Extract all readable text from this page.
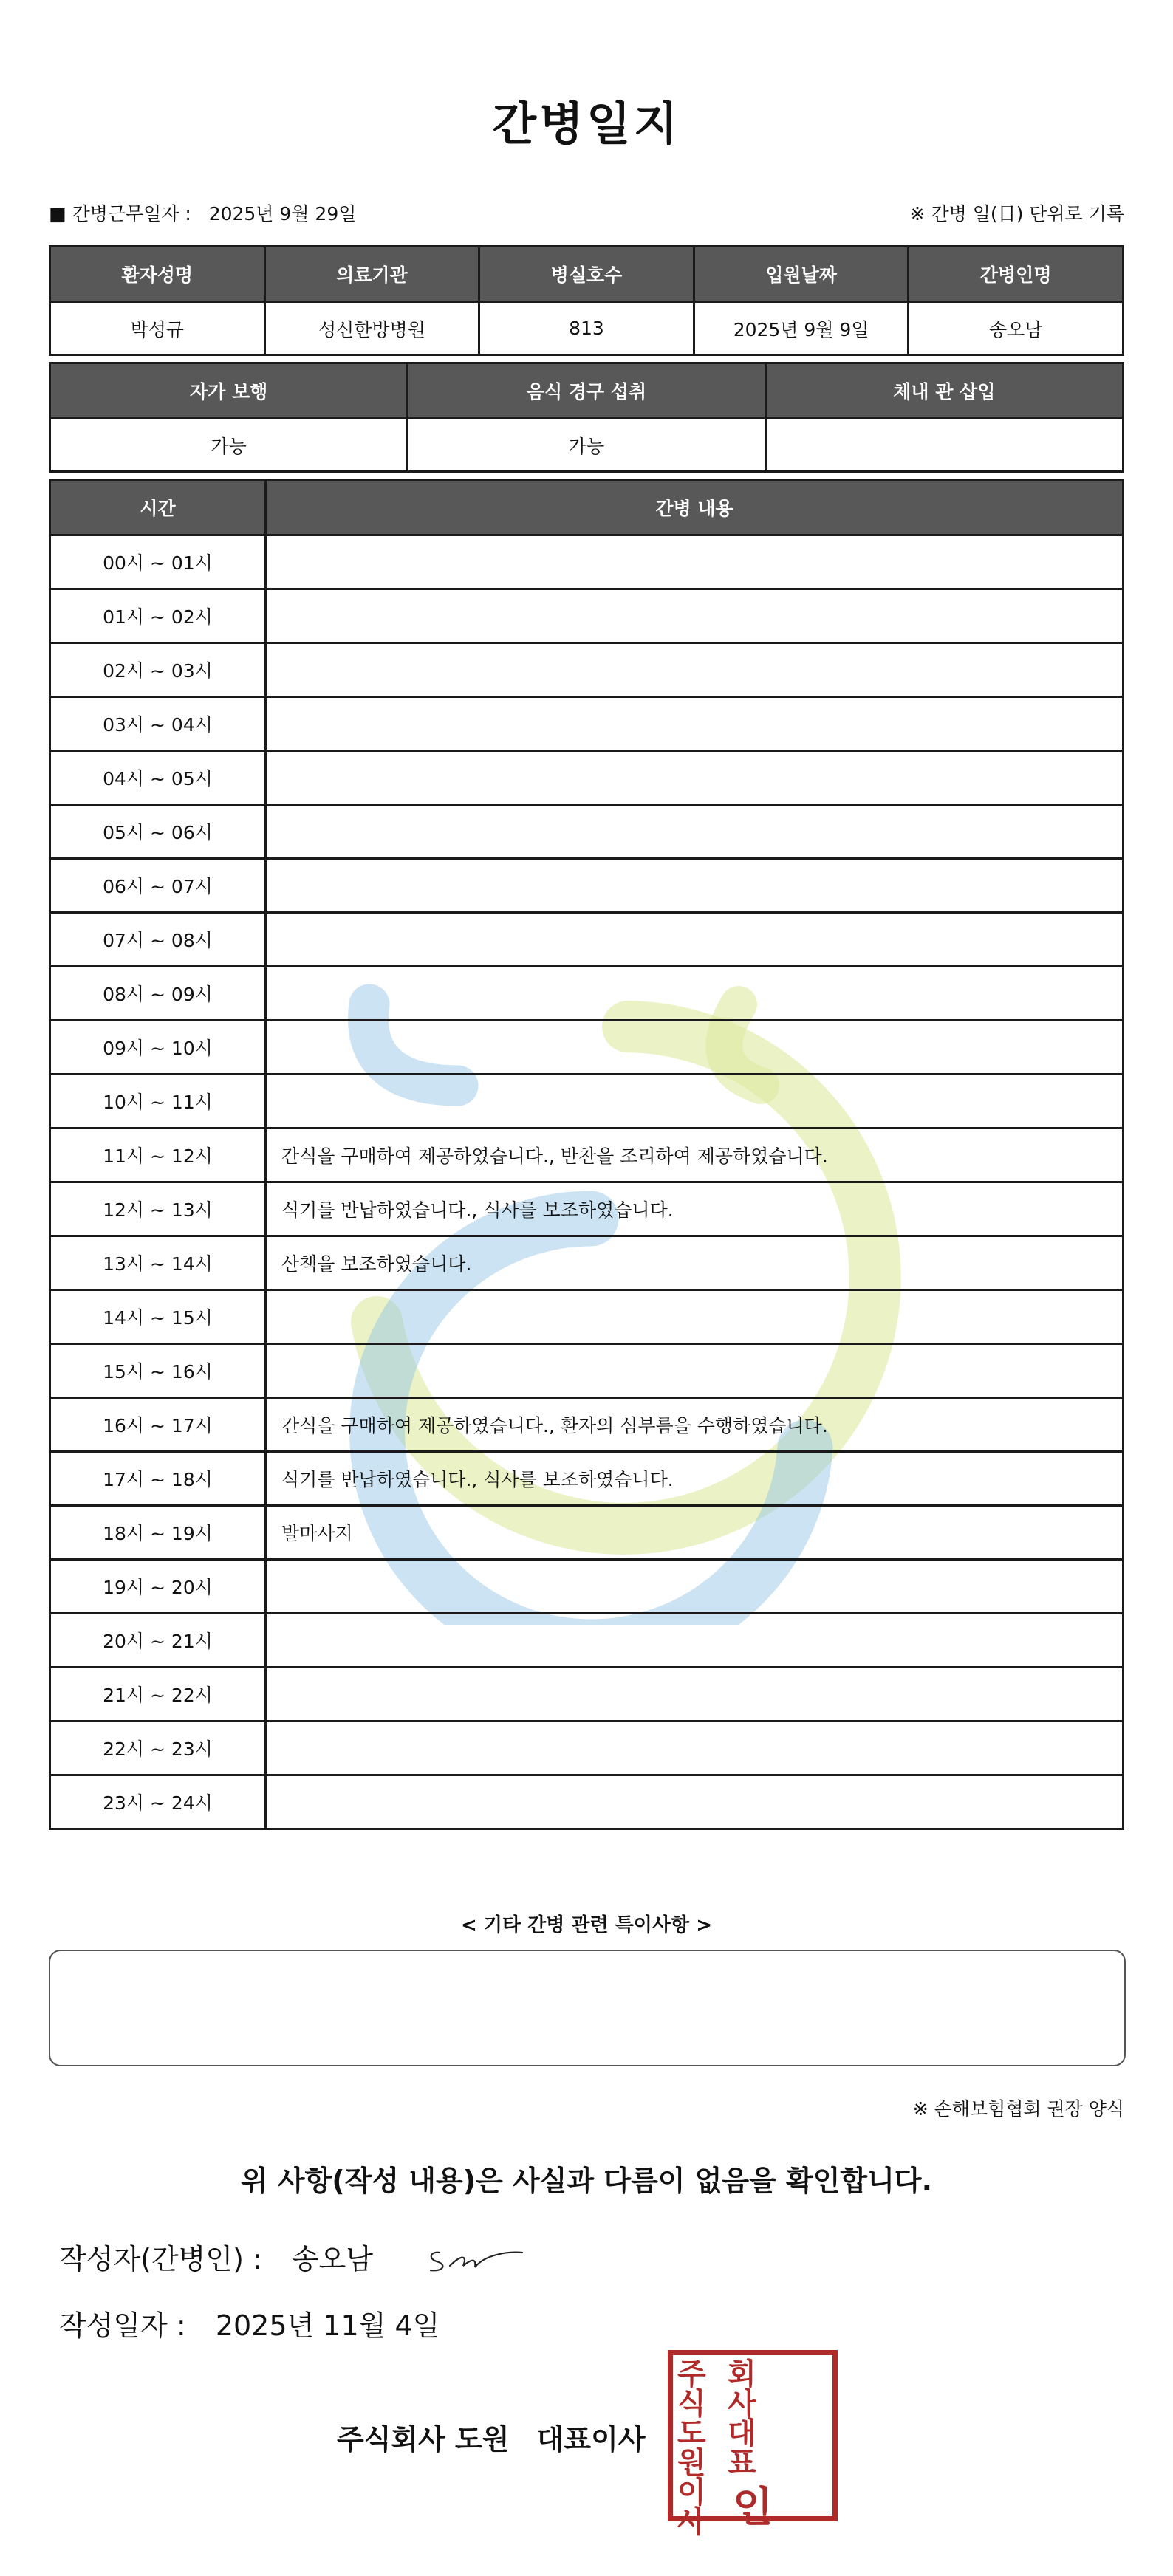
간병일지
■ 간병근무일자 : 2025년 9월 29일	※ 간병 일(日) 단위로 기록
환자성명	의료기관	병실호수	입원날짜	간병인명
박성규	성신한방병원	813	2025년 9월 9일	송오남
자가 보행	음식 경구 섭취	체내 관 삽입
가능	가능	
시간	간병 내용
00시 ~ 01시	
01시 ~ 02시	
02시 ~ 03시	
03시 ~ 04시	
04시 ~ 05시	
05시 ~ 06시	
06시 ~ 07시	
07시 ~ 08시	
08시 ~ 09시	
09시 ~ 10시	
10시 ~ 11시	
11시 ~ 12시	간식을 구매하여 제공하였습니다., 반찬을 조리하여 제공하였습니다.
12시 ~ 13시	식기를 반납하였습니다., 식사를 보조하였습니다.
13시 ~ 14시	산책을 보조하였습니다.
14시 ~ 15시	
15시 ~ 16시	
16시 ~ 17시	간식을 구매하여 제공하였습니다., 환자의 심부름을 수행하였습니다.
17시 ~ 18시	식기를 반납하였습니다., 식사를 보조하였습니다.
18시 ~ 19시	발마사지
19시 ~ 20시	
20시 ~ 21시	
21시 ~ 22시	
22시 ~ 23시	
23시 ~ 24시	
< 기타 간병 관련 특이사항 >
※ 손해보험협회 권장 양식
위 사항(작성 내용)은 사실과 다름이 없음을 확인합니다.
작성자(간병인) : 송오남
작성일자 : 2025년 11월 4일
주식회사 도원 대표이사
주식
회사
도원
대표
이사 인
